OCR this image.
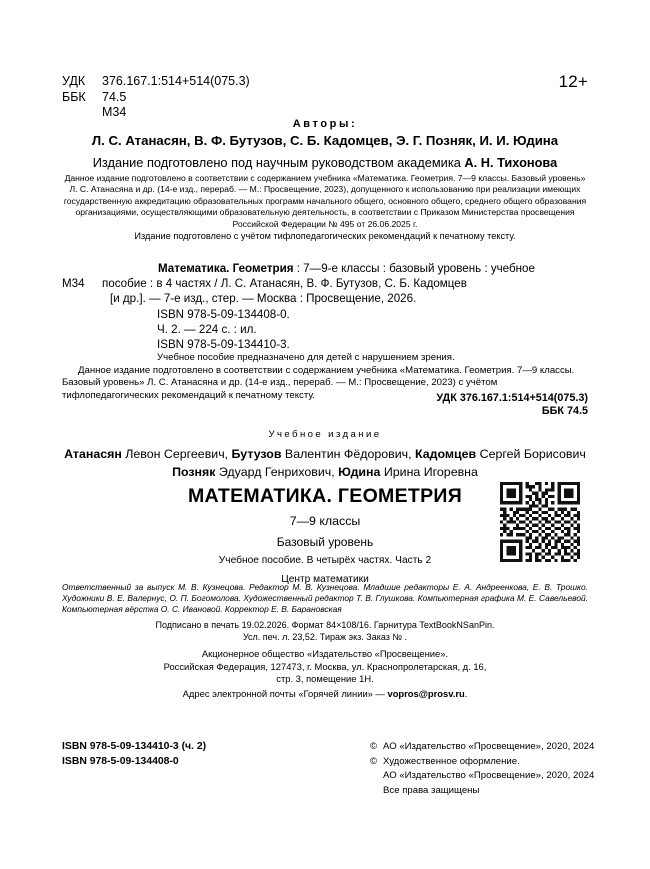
УДК	376.167.1:514+514(075.3)
ББК	74.5
М34
12+
Авторы:
Л. С. Атанасян, В. Ф. Бутузов, С. Б. Кадомцев, Э. Г. Позняк, И. И. Юдина
Издание подготовлено под научным руководством академика А. Н. Тихонова
Данное издание подготовлено в соответствии с содержанием учебника «Математика. Геометрия. 7—9 классы. Базовый уровень» Л. С. Атанасяна и др. (14-е изд., перераб. — М.: Просвещение, 2023), допущенного к использованию при реализации имеющих государственную аккредитацию образовательных программ начального общего, основного общего, среднего общего образования организациями, осуществляющими образовательную деятельность, в соответствии с Приказом Министерства просвещения Российской Федерации № 495 от 26.06.2025 г.
Издание подготовлено с учётом тифлопедагогических рекомендаций к печатному тексту.
Математика. Геометрия : 7—9-е классы : базовый уровень : учебное
М34	пособие : в 4 частях / Л. С. Атанасян, В. Ф. Бутузов, С. Б. Кадомцев
[и др.]. — 7-е изд., стер. — Москва : Просвещение, 2026.
ISBN 978-5-09-134408-0.
Ч. 2. — 224 с. : ил.
ISBN 978-5-09-134410-3.
Учебное пособие предназначено для детей с нарушением зрения.
Данное издание подготовлено в соответствии с содержанием учебника «Математика. Геометрия. 7—9 классы. Базовый уровень» Л. С. Атанасяна и др. (14-е изд., перераб. — М.: Просвещение, 2023) с учётом тифлопедагогических рекомендаций к печатному тексту.	УДК 376.167.1:514+514(075.3)
ББК 74.5
Учебное издание
Атанасян Левон Сергеевич, Бутузов Валентин Фёдорович, Кадомцев Сергей Борисович
Позняк Эдуард Генрихович, Юдина Ирина Игоревна
МАТЕМАТИКА. ГЕОМЕТРИЯ
7—9 классы
Базовый уровень
Учебное пособие. В четырёх частях. Часть 2
Центр математики
Ответственный за выпуск М. В. Кузнецова. Редактор М. В. Кузнецова. Младшие редакторы Е. А. Андреенкова, Е. В. Трошко. Художники В. Е. Валернус, О. П. Богомолова. Художественный редактор Т. В. Глушкова. Компьютерная графика М. Е. Савельевой. Компьютерная вёрстка О. С. Ивановой. Корректор Е. В. Барановская
Подписано в печать 19.02.2026. Формат 84×108/16. Гарнитура TextBookNSanPin.
Усл. печ. л. 23,52. Тираж экз. Заказ № .
Акционерное общество «Издательство «Просвещение».
Российская Федерация, 127473, г. Москва, ул. Краснопролетарская, д. 16,
стр. 3, помещение 1Н.
Адрес электронной почты «Горячей линии» — vopros@prosv.ru.
ISBN 978-5-09-134410-3 (ч. 2)
ISBN 978-5-09-134408-0
© АО «Издательство «Просвещение», 2020, 2024
© Художественное оформление.
АО «Издательство «Просвещение», 2020, 2024
Все права защищены
